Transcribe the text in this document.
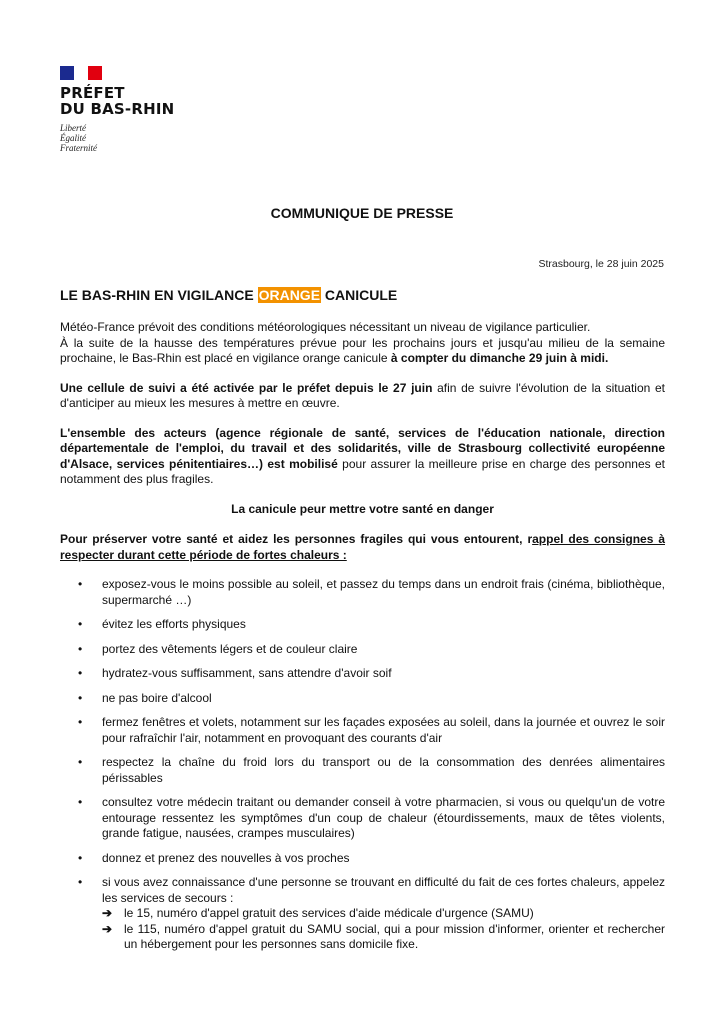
PRÉFET
DU BAS-RHIN
Liberté
Égalité
Fraternité
COMMUNIQUE DE PRESSE
Strasbourg, le 28 juin 2025
LE BAS-RHIN EN VIGILANCE ORANGE CANICULE

Météo-France prévoit des conditions météorologiques nécessitant un niveau de vigilance particulier.
À la suite de la hausse des températures prévue pour les prochains jours et jusqu'au milieu de la semaine prochaine, le Bas-Rhin est placé en vigilance orange canicule à compter du dimanche 29 juin à midi.

Une cellule de suivi a été activée par le préfet depuis le 27 juin afin de suivre l'évolution de la situation et d'anticiper au mieux les mesures à mettre en œuvre.

L'ensemble des acteurs (agence régionale de santé, services de l'éducation nationale, direction départementale de l'emploi, du travail et des solidarités, ville de Strasbourg collectivité européenne d'Alsace, services pénitentiaires…) est mobilisé pour assurer la meilleure prise en charge des personnes et notamment des plus fragiles.

La canicule peur mettre votre santé en danger

Pour préserver votre santé et aidez les personnes fragiles qui vous entourent, rappel des consignes à respecter durant cette période de fortes chaleurs :

• exposez-vous le moins possible au soleil, et passez du temps dans un endroit frais (cinéma, bibliothèque, supermarché …)
• évitez les efforts physiques
• portez des vêtements légers et de couleur claire
• hydratez-vous suffisamment, sans attendre d'avoir soif
• ne pas boire d'alcool
• fermez fenêtres et volets, notamment sur les façades exposées au soleil, dans la journée et ouvrez le soir pour rafraîchir l'air, notamment en provoquant des courants d'air
• respectez la chaîne du froid lors du transport ou de la consommation des denrées alimentaires périssables
• consultez votre médecin traitant ou demander conseil à votre pharmacien, si vous ou quelqu'un de votre entourage ressentez les symptômes d'un coup de chaleur (étourdissements, maux de têtes violents, grande fatigue, nausées, crampes musculaires)
• donnez et prenez des nouvelles à vos proches
• si vous avez connaissance d'une personne se trouvant en difficulté du fait de ces fortes chaleurs, appelez les services de secours :
➔ le 15, numéro d'appel gratuit des services d'aide médicale d'urgence (SAMU)
➔ le 115, numéro d'appel gratuit du SAMU social, qui a pour mission d'informer, orienter et rechercher un hébergement pour les personnes sans domicile fixe.
